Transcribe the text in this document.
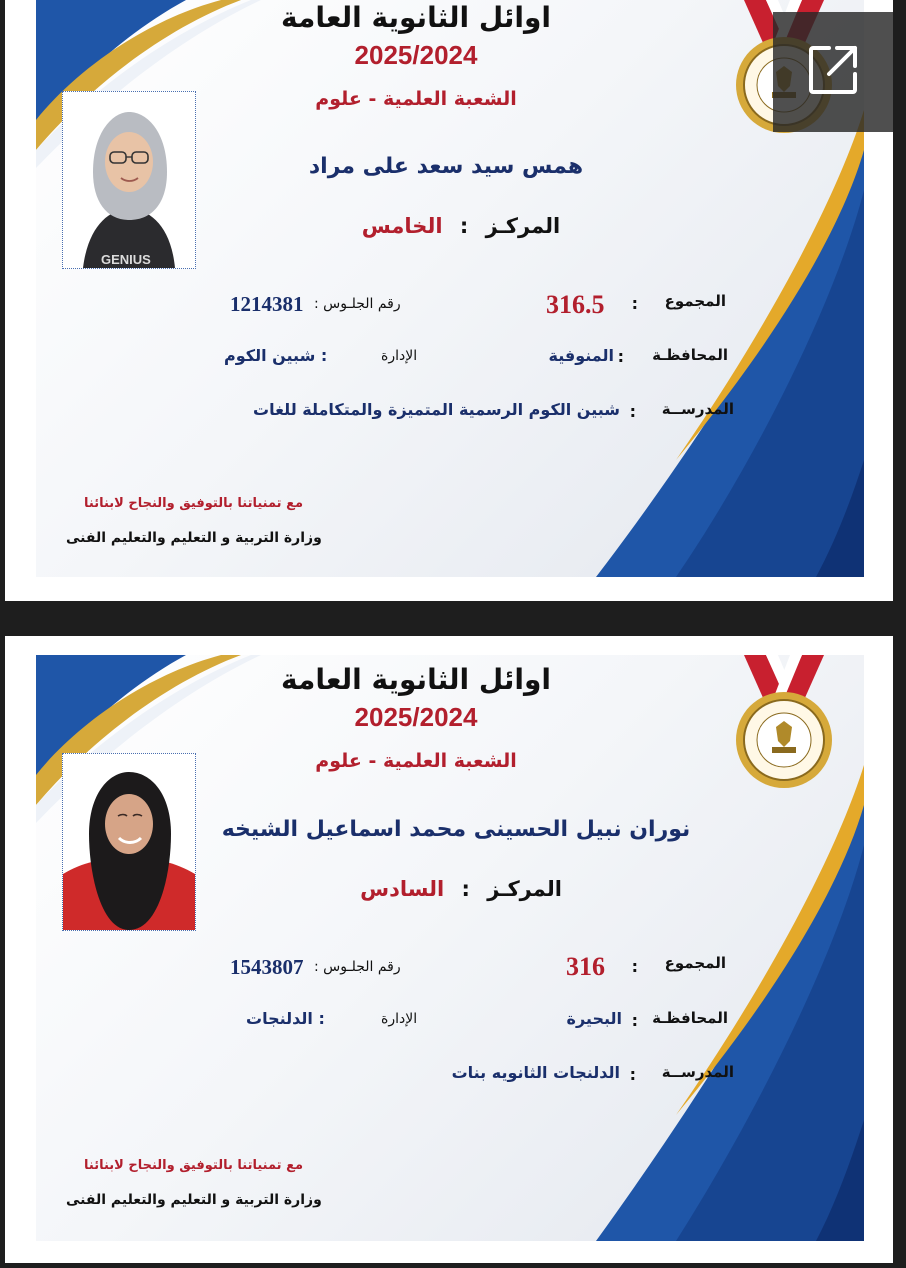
GENIUS
اوائل الثانوية العامة
2025/2024
الشعبة العلمية - علوم
همس سيد سعد على مراد
المركـز : الخامس
المجموع
:
316.5
رقم الجلـوس :
1214381
المحافظـة
:
المنوفية
الإدارة
: شبين الكوم
المدرســة
:
شبين الكوم الرسمية المتميزة والمتكاملة للغات
مع تمنياتنا بالتوفيق والنجاح لابنائنا
وزارة التربية و التعليم والتعليم الفنى
اوائل الثانوية العامة
2025/2024
الشعبة العلمية - علوم
نوران نبيل الحسينى محمد اسماعيل الشيخه
المركـز : السادس
المجموع
:
316
رقم الجلـوس :
1543807
المحافظـة
:
البحيرة
الإدارة
: الدلنجات
المدرســة
:
الدلنجات الثانويه بنات
مع تمنياتنا بالتوفيق والنجاح لابنائنا
وزارة التربية و التعليم والتعليم الفنى
